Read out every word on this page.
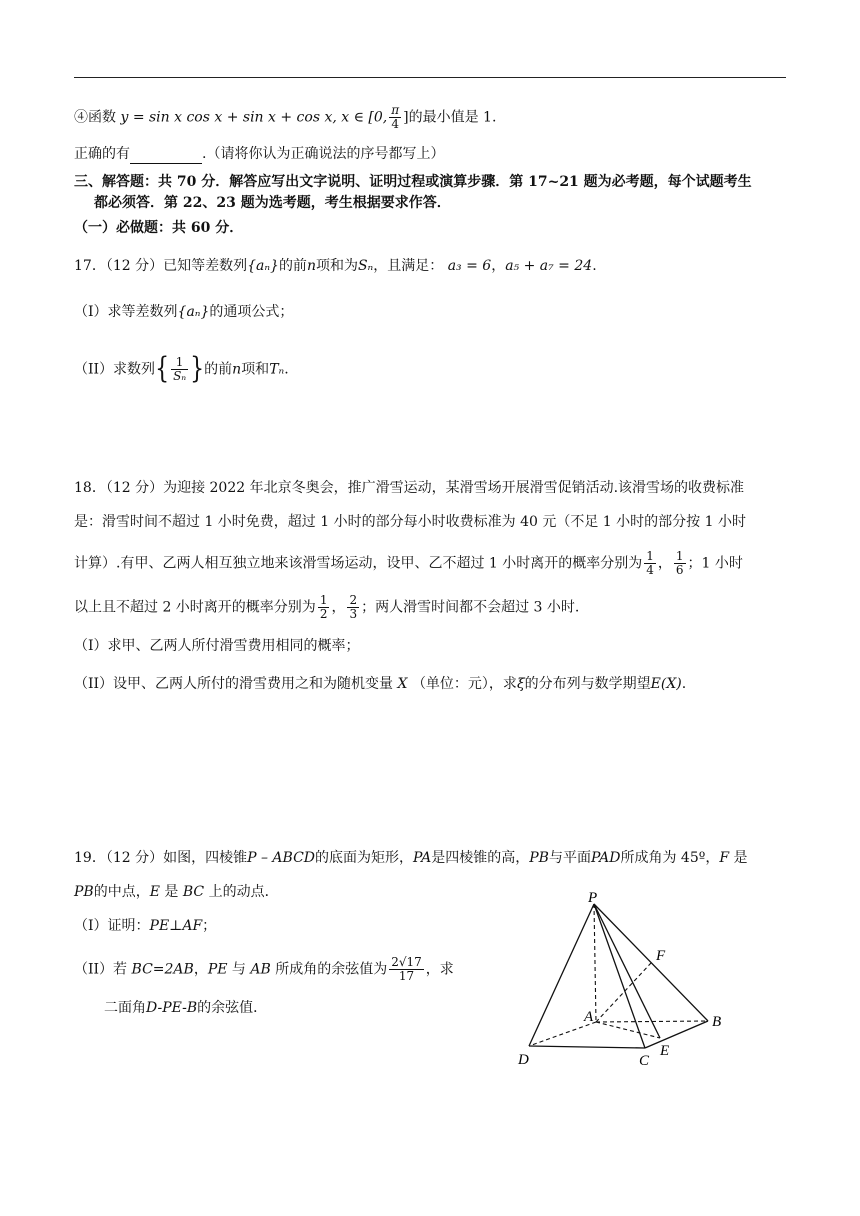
④函数 y = sin x cos x + sin x + cos x, x ∈ [0, $\frac{\pi}{4}$ ]的最小值是 1.
正确的有	.（请将你认为正确说法的序号都写上）
三、解答题：共 70 分．解答应写出文字说明、证明过程或演算步骤．第 17~21 题为必考题，每个试题考生
都必须答．第 22、23 题为选考题，考生根据要求作答．
（一）必做题：共 60 分．
17．（12 分）已知等差数列{aₙ}的前n项和为Sₙ，且满足： a₃ = 6，a₅ + a₇ = 24.
（I）求等差数列{aₙ}的通项公式；
（II）求数列{ $\frac{1}{\text{Sₙ}}$ }的前n项和Tₙ.
18．（12 分）为迎接 2022 年北京冬奥会，推广滑雪运动，某滑雪场开展滑雪促销活动.该滑雪场的收费标准
是：滑雪时间不超过 1 小时免费，超过 1 小时的部分每小时收费标准为 40 元（不足 1 小时的部分按 1 小时
计算）.有甲、乙两人相互独立地来该滑雪场运动，设甲、乙不超过 1 小时离开的概率分别为 $\frac{1}{4}$ ， $\frac{1}{6}$ ；1 小时
以上且不超过 2 小时离开的概率分别为 $\frac{1}{2}$ ， $\frac{2}{3}$ ；两人滑雪时间都不会超过 3 小时.
（I）求甲、乙两人所付滑雪费用相同的概率；
（II）设甲、乙两人所付的滑雪费用之和为随机变量 X （单位：元），求ξ的分布列与数学期望E(X).
19．（12 分）如图，四棱锥P – ABCD的底面为矩形，PA是四棱锥的高，PB与平面PAD所成角为 45º，F 是
PB的中点，E 是 BC 上的动点．
（I）证明：PE⊥AF；
（II）若 BC=2AB，PE 与 AB 所成角的余弦值为 $\frac{2√17}{17}$ ，求
二面角D-PE-B的余弦值．
P
F
A	B
D	C
E
